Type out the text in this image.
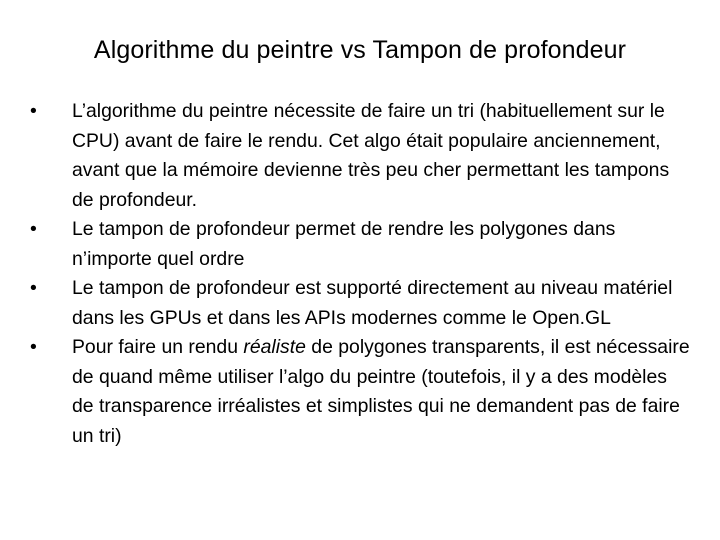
Algorithme du peintre vs Tampon de profondeur
•	L’algorithme du peintre nécessite de faire un tri (habituellement sur le CPU) avant de faire le rendu. Cet algo était populaire anciennement, avant que la mémoire devienne très peu cher permettant les tampons de profondeur.
•	Le tampon de profondeur permet de rendre les polygones dans n’importe quel ordre
•	Le tampon de profondeur est supporté directement au niveau matériel dans les GPUs et dans les APIs modernes comme le Open.GL
•	Pour faire un rendu réaliste de polygones transparents, il est nécessaire de quand même utiliser l’algo du peintre (toutefois, il y a des modèles de transparence irréalistes et simplistes qui ne demandent pas de faire un tri)
